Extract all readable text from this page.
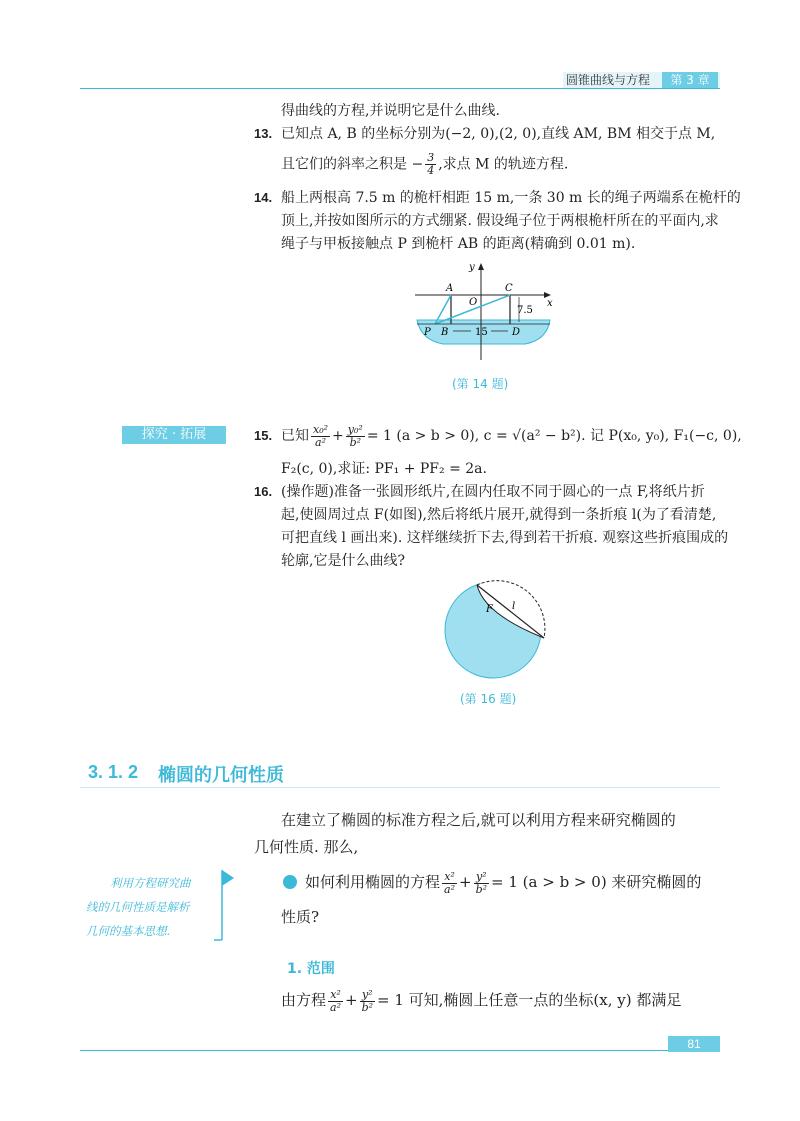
圆锥曲线与方程	第 3 章
得曲线的方程,并说明它是什么曲线.
13. 已知点 A, B 的坐标分别为(−2, 0),(2, 0),直线 AM, BM 相交于点 M,
且它们的斜率之积是 − $\frac{3}{4}$ ,求点 M 的轨迹方程.
14. 船上两根高 7.5 m 的桅杆相距 15 m,一条 30 m 长的绳子两端系在桅杆的
顶上,并按如图所示的方式绷紧. 假设绳子位于两根桅杆所在的平面内,求
绳子与甲板接触点 P 到桅杆 AB 的距离(精确到 0.01 m).
y
x
A	C
O
7.5
P B	15 D
(第 14 题)
探究 · 拓展	15. 已知 $\frac{\text{x₀²}}{\text{a²}} + \frac{\text{y₀²}}{\text{b²}} = 1$ (a > b > 0), c = √(a² − b²). 记 P(x₀, y₀), F₁(−c, 0),
F₂(c, 0),求证: PF₁ + PF₂ = 2a.
16. (操作题)准备一张圆形纸片,在圆内任取不同于圆心的一点 F,将纸片折
起,使圆周过点 F(如图),然后将纸片展开,就得到一条折痕 l(为了看清楚,
可把直线 l 画出来). 这样继续折下去,得到若干折痕. 观察这些折痕围成的
轮廓,它是什么曲线?
F l
(第 16 题)
3. 1. 2 椭圆的几何性质
在建立了椭圆的标准方程之后,就可以利用方程来研究椭圆的
几何性质. 那么,
利用方程研究曲
线的几何性质是解析
几何的基本思想.
如何利用椭圆的方程 $\frac{\text{x²}}{\text{a²}} + \frac{\text{y²}}{\text{b²}} = 1$ (a > b > 0) 来研究椭圆的
性质?
1. 范围
由方程 $\frac{\text{x²}}{\text{a²}} + \frac{\text{y²}}{\text{b²}} = 1$ 可知,椭圆上任意一点的坐标(x, y) 都满足
81
